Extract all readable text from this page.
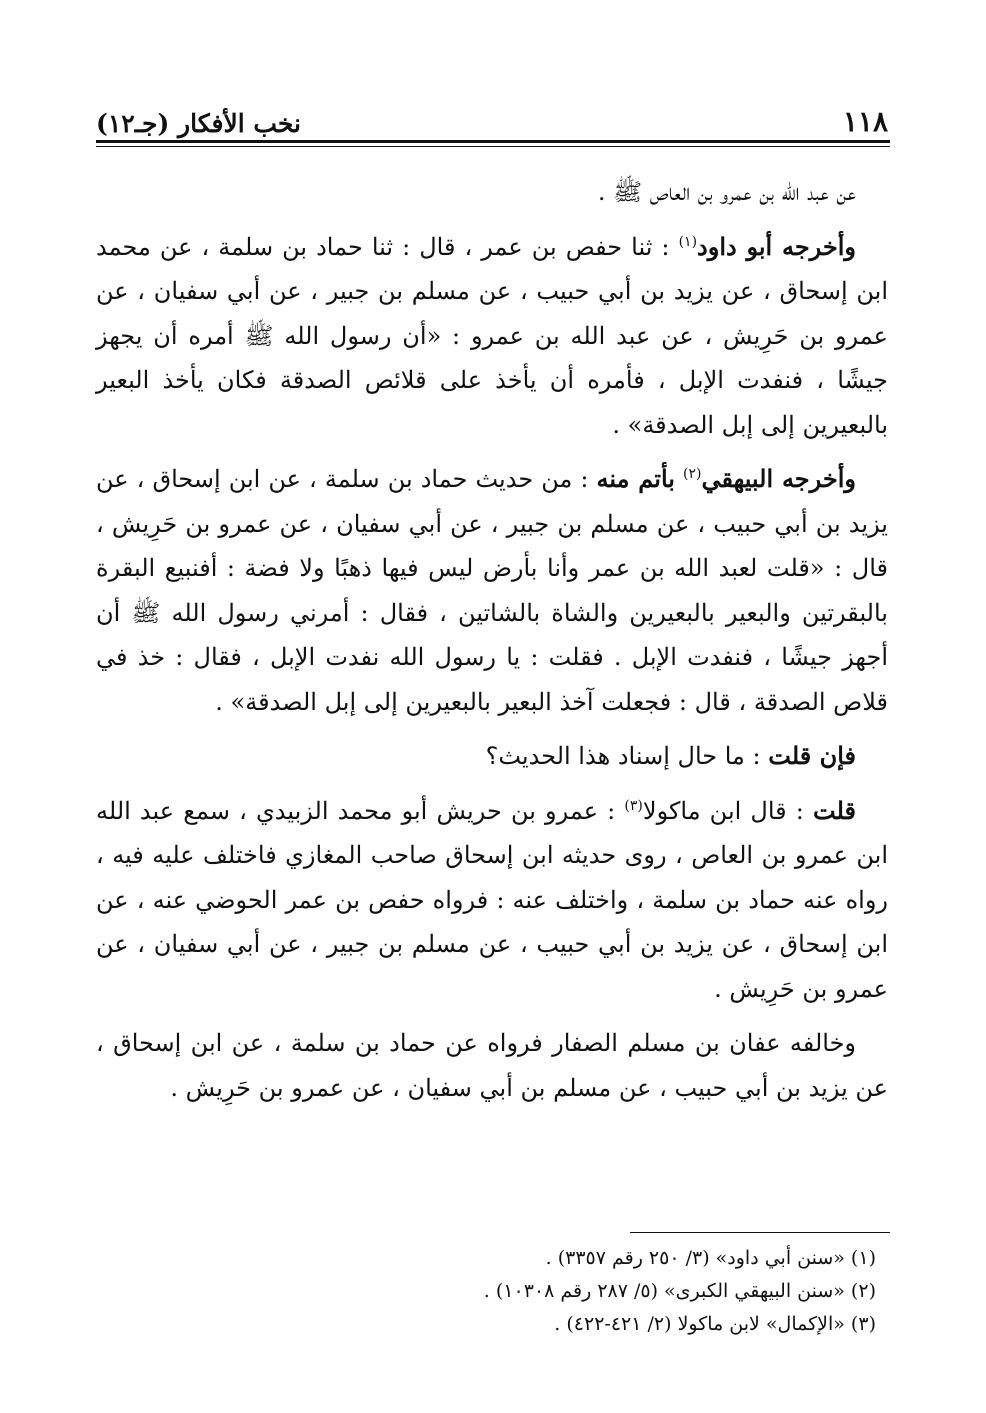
١١٨
نخب الأفكار (جـ١٢)

عن عبد الله بن عمرو بن العاص ﷺ .

وأخرجه أبو داود$^{(١)}$ : ثنا حفص بن عمر ، قال : ثنا حماد بن سلمة ، عن محمد ابن إسحاق ، عن يزيد بن أبي حبيب ، عن مسلم بن جبير ، عن أبي سفيان ، عن عمرو بن حَرِيش ، عن عبد الله بن عمرو : «أن رسول الله ﷺ أمره أن يجهز جيشًا ، فنفدت الإبل ، فأمره أن يأخذ على قلائص الصدقة فكان يأخذ البعير بالبعيرين إلى إبل الصدقة» .

وأخرجه البيهقي$^{(٢)}$ بأتم منه : من حديث حماد بن سلمة ، عن ابن إسحاق ، عن يزيد بن أبي حبيب ، عن مسلم بن جبير ، عن أبي سفيان ، عن عمرو بن حَرِيش ، قال : «قلت لعبد الله بن عمر وأنا بأرض ليس فيها ذهبًا ولا فضة : أفنبيع البقرة بالبقرتين والبعير بالبعيرين والشاة بالشاتين ، فقال : أمرني رسول الله ﷺ أن أجهز جيشًا ، فنفدت الإبل . فقلت : يا رسول الله نفدت الإبل ، فقال : خذ في قلاص الصدقة ، قال : فجعلت آخذ البعير بالبعيرين إلى إبل الصدقة» .

فإن قلت : ما حال إسناد هذا الحديث؟

قلت : قال ابن ماكولا$^{(٣)}$ : عمرو بن حريش أبو محمد الزبيدي ، سمع عبد الله ابن عمرو بن العاص ، روى حديثه ابن إسحاق صاحب المغازي فاختلف عليه فيه ، رواه عنه حماد بن سلمة ، واختلف عنه : فرواه حفص بن عمر الحوضي عنه ، عن ابن إسحاق ، عن يزيد بن أبي حبيب ، عن مسلم بن جبير ، عن أبي سفيان ، عن عمرو بن حَرِيش .

وخالفه عفان بن مسلم الصفار فرواه عن حماد بن سلمة ، عن ابن إسحاق ، عن يزيد بن أبي حبيب ، عن مسلم بن أبي سفيان ، عن عمرو بن حَرِيش .

(١) «سنن أبي داود» (٣/ ٢٥٠ رقم ٣٣٥٧) .
(٢) «سنن البيهقي الكبرى» (٥/ ٢٨٧ رقم ١٠٣٠٨) .
(٣) «الإكمال» لابن ماكولا (٢/ ٤٢١-٤٢٢) .
